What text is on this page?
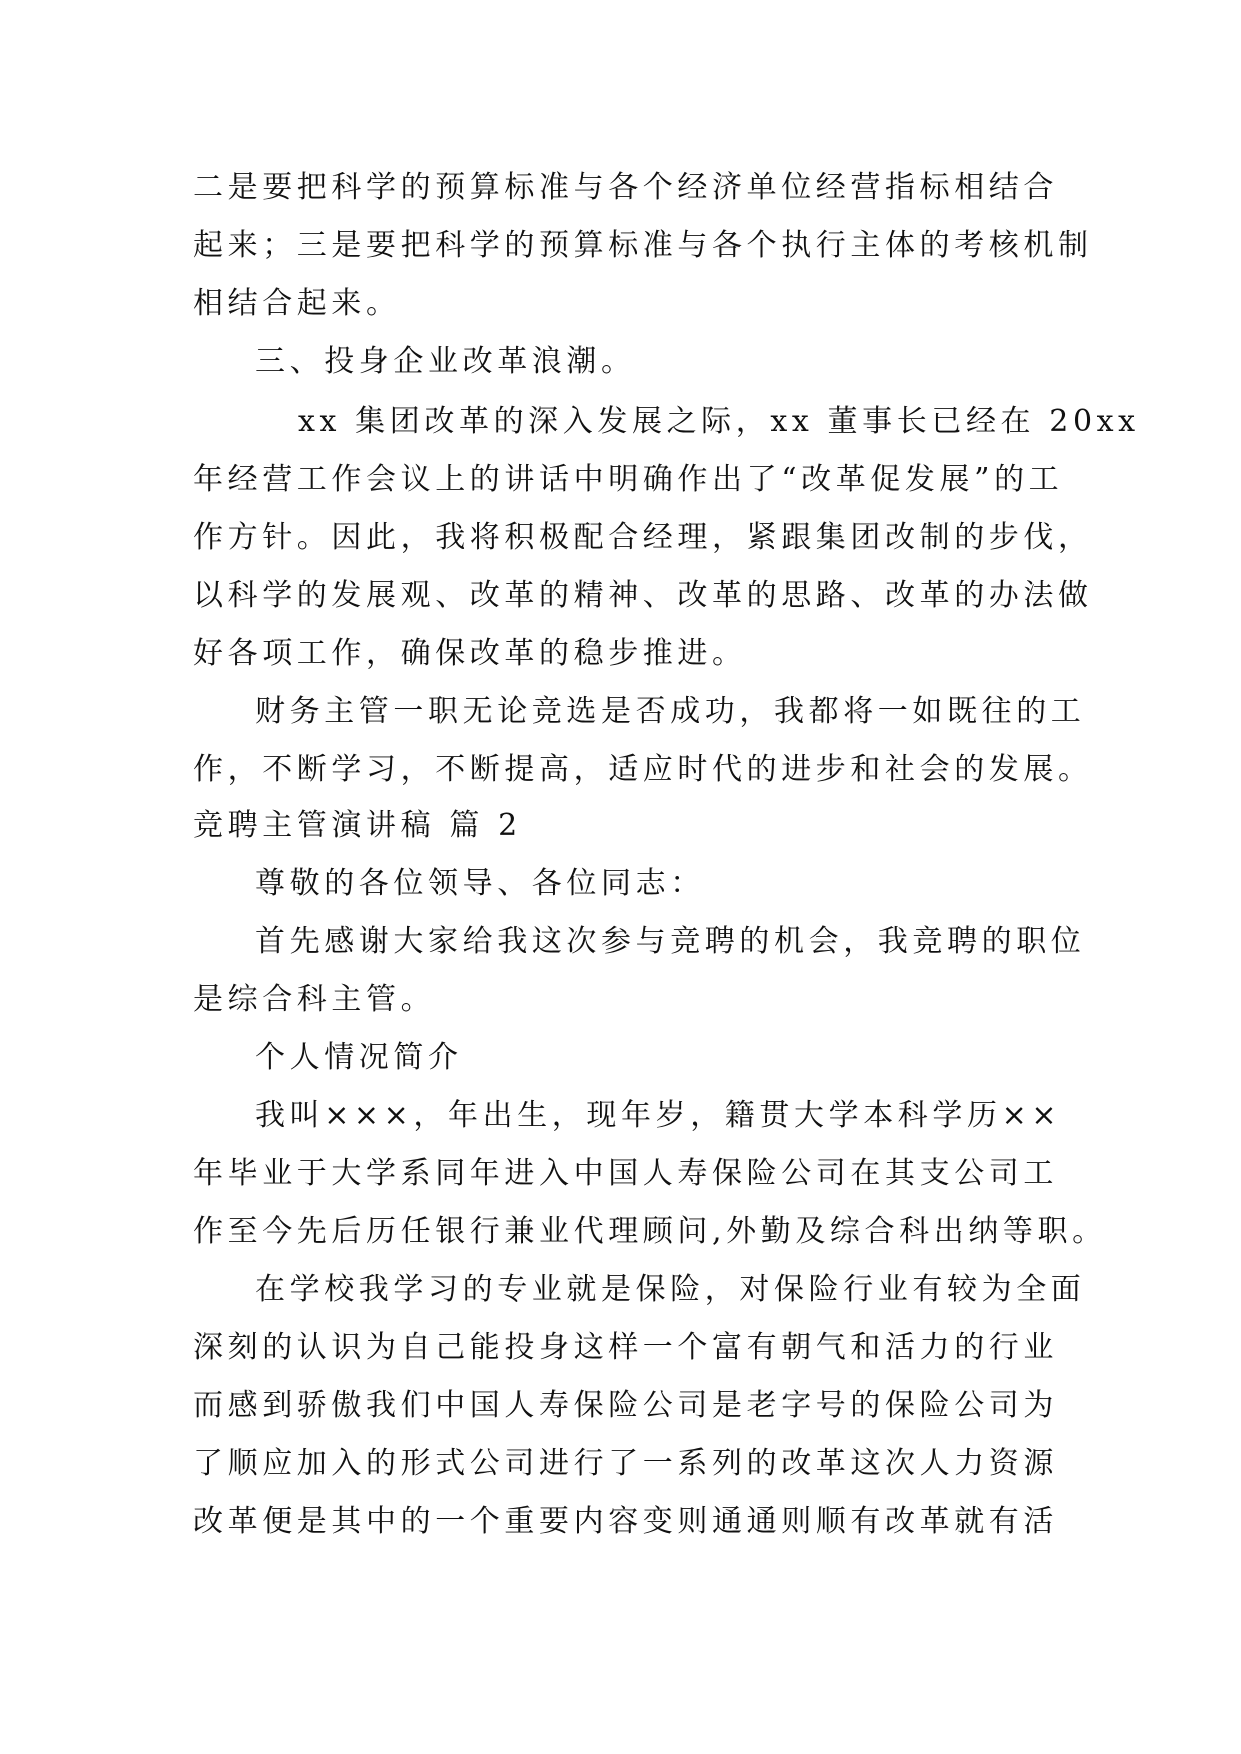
二是要把科学的预算标准与各个经济单位经营指标相结合
起来；三是要把科学的预算标准与各个执行主体的考核机制
相结合起来。
三、投身企业改革浪潮。
xx 集团改革的深入发展之际，xx 董事长已经在 20xx
年经营工作会议上的讲话中明确作出了“改革促发展”的工
作方针。因此，我将积极配合经理，紧跟集团改制的步伐，
以科学的发展观、改革的精神、改革的思路、改革的办法做
好各项工作，确保改革的稳步推进。
财务主管一职无论竞选是否成功，我都将一如既往的工
作，不断学习，不断提高，适应时代的进步和社会的发展。
竞聘主管演讲稿 篇 2
尊敬的各位领导、各位同志：
首先感谢大家给我这次参与竞聘的机会，我竞聘的职位
是综合科主管。
个人情况简介
我叫×××，年出生，现年岁，籍贯大学本科学历××
年毕业于大学系同年进入中国人寿保险公司在其支公司工
作至今先后历任银行兼业代理顾问,外勤及综合科出纳等职。
在学校我学习的专业就是保险，对保险行业有较为全面
深刻的认识为自己能投身这样一个富有朝气和活力的行业
而感到骄傲我们中国人寿保险公司是老字号的保险公司为
了顺应加入的形式公司进行了一系列的改革这次人力资源
改革便是其中的一个重要内容变则通通则顺有改革就有活
